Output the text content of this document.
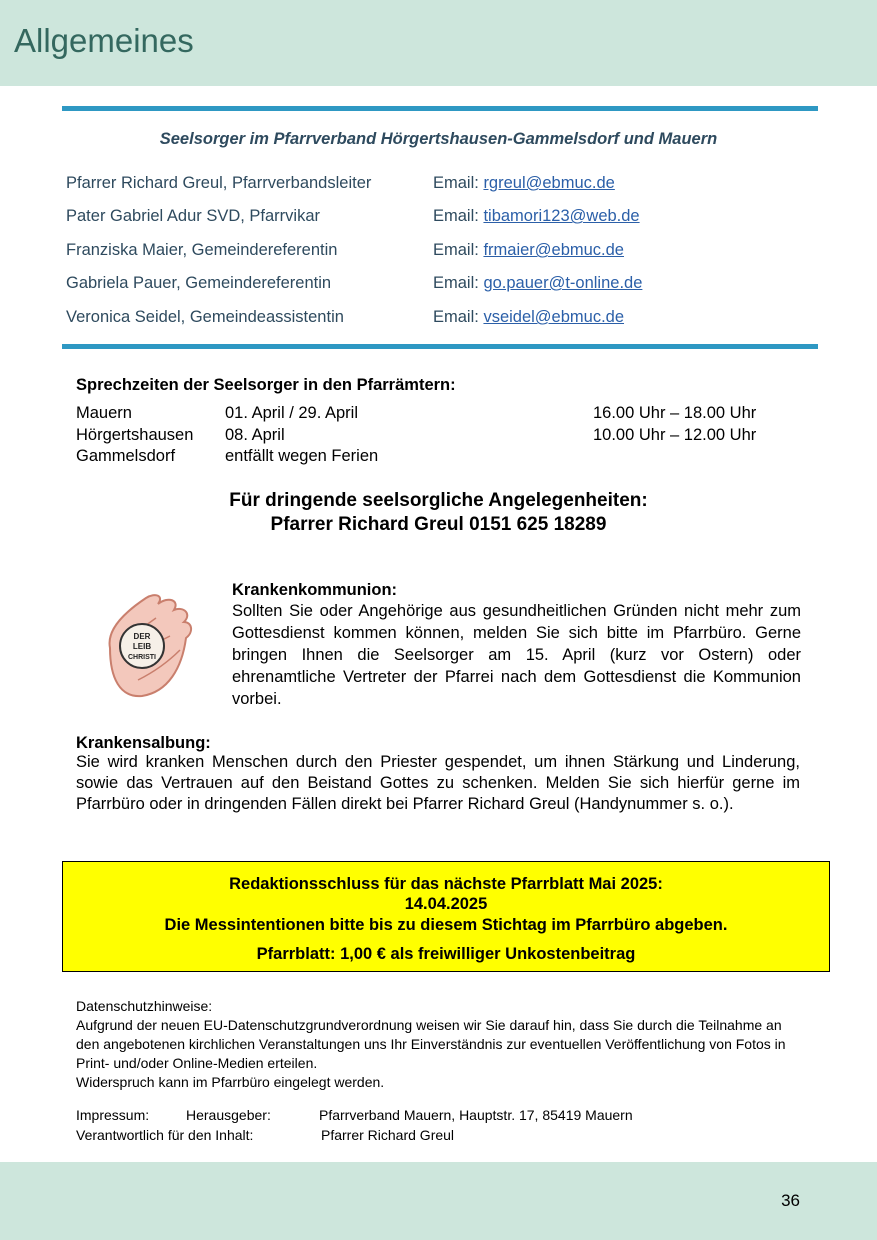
Allgemeines
Seelsorger im Pfarrverband Hörgertshausen-Gammelsdorf und Mauern
Pfarrer Richard Greul, Pfarrverbandsleiter	Email: rgreul@ebmuc.de
Pater Gabriel Adur SVD, Pfarrvikar	Email: tibamori123@web.de
Franziska Maier, Gemeindereferentin	Email: frmaier@ebmuc.de
Gabriela Pauer, Gemeindereferentin	Email: go.pauer@t-online.de
Veronica Seidel, Gemeindeassistentin	Email: vseidel@ebmuc.de
Sprechzeiten der Seelsorger in den Pfarrämtern:
Mauern	01. April / 29. April	16.00 Uhr – 18.00 Uhr
Hörgertshausen 08. April	10.00 Uhr – 12.00 Uhr
Gammelsdorf	entfällt wegen Ferien
Für dringende seelsorgliche Angelegenheiten:
Pfarrer Richard Greul 0151 625 18289
DER
LEIB
CHRISTI
Krankenkommunion:
Sollten Sie oder Angehörige aus gesundheitlichen Gründen nicht mehr zum Gottesdienst kommen können, melden Sie sich bitte im Pfarrbüro. Gerne bringen Ihnen die Seelsorger am 15. April (kurz vor Ostern) oder ehrenamtliche Vertreter der Pfarrei nach dem Gottesdienst die Kommunion vorbei.
Krankensalbung:
Sie wird kranken Menschen durch den Priester gespendet, um ihnen Stärkung und Linderung, sowie das Vertrauen auf den Beistand Gottes zu schenken. Melden Sie sich hierfür gerne im Pfarrbüro oder in dringenden Fällen direkt bei Pfarrer Richard Greul (Handynummer s. o.).
Redaktionsschluss für das nächste Pfarrblatt Mai 2025:
14.04.2025
Die Messintentionen bitte bis zu diesem Stichtag im Pfarrbüro abgeben.
Pfarrblatt: 1,00 € als freiwilliger Unkostenbeitrag
Datenschutzhinweise:
Aufgrund der neuen EU-Datenschutzgrundverordnung weisen wir Sie darauf hin, dass Sie durch die Teilnahme an den angebotenen kirchlichen Veranstaltungen uns Ihr Einverständnis zur eventuellen Veröffentlichung von Fotos in Print- und/oder Online-Medien erteilen.
Widerspruch kann im Pfarrbüro eingelegt werden.
Impressum:	Herausgeber:	Pfarrverband Mauern, Hauptstr. 17, 85419 Mauern
Verantwortlich für den Inhalt:	Pfarrer Richard Greul
36
